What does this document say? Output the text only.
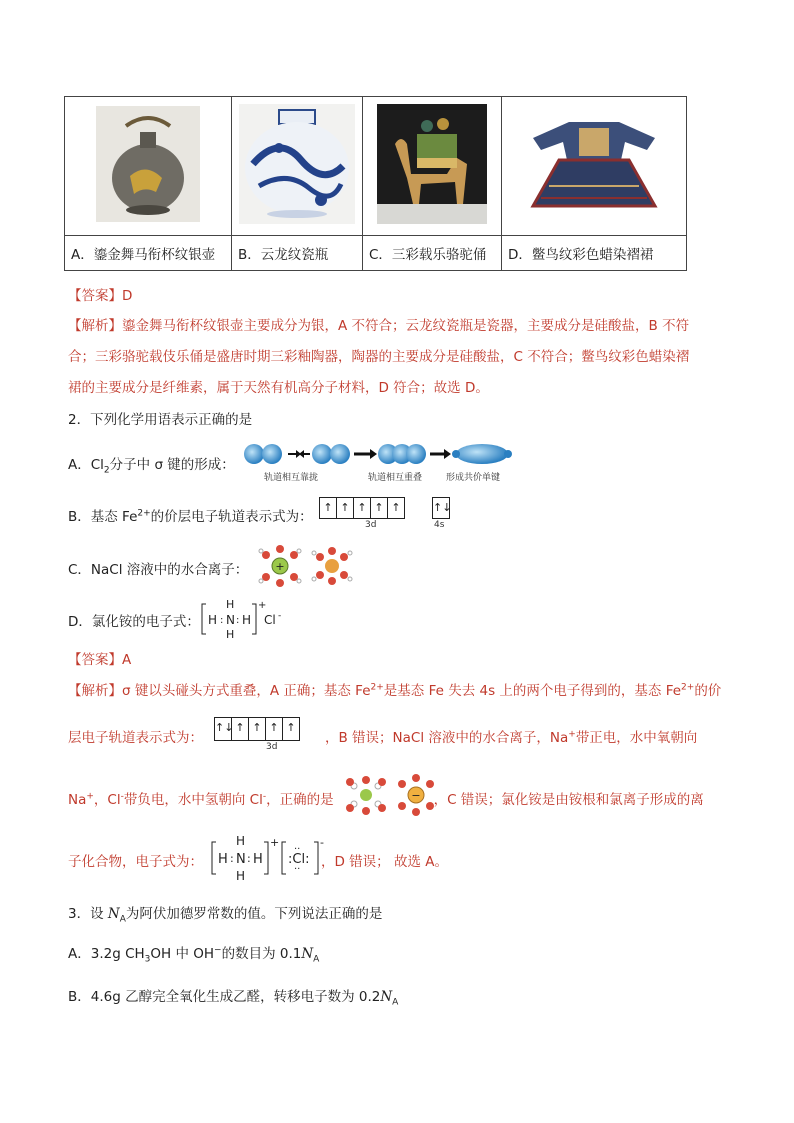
A．鎏金舞马衔杯纹银壶	B．云龙纹瓷瓶	C．三彩载乐骆驼俑	D．鳖鸟纹彩色蜡染褶裙
【答案】D
【解析】鎏金舞马衔杯纹银壶主要成分为银，A 不符合；云龙纹瓷瓶是瓷器，主要成分是硅酸盐，B 不符
合；三彩骆驼载伎乐俑是盛唐时期三彩釉陶器，陶器的主要成分是硅酸盐，C 不符合；鳖鸟纹彩色蜡染褶
裙的主要成分是纤维素，属于天然有机高分子材料，D 符合；故选 D。
2．下列化学用语表示正确的是
A．$Cl_2$分子中 σ 键的形成：
轨道相互靠拢	轨道相互重叠	形成共价单键
B．基态 $Fe^{2+}$的价层电子轨道表示式为：
↑ ↑ ↑ ↑ ↑	↑↓
3d	4s
C．NaCl 溶液中的水合离子： +
D．氯化铵的电子式： H : N
H
H
: H
+
Cl -
【答案】A
【解析】σ 键以头碰头方式重叠，A 正确；基态 $Fe^{2+}$是基态 Fe 失去 4s 上的两个电子得到的，基态 $Fe^{2+}$的价
层电子轨道表示式为：	，B 错误；NaCl 溶液中的水合离子，Na+带正电，水中氧朝向
↑↓ ↑ ↑ ↑ ↑
3d
Na+，Cl-带负电，水中氢朝向 Cl-，正确的是	，C 错误；氯化铵是由铵根和氯离子形成的离
−
子化合物，电子式为：	，D 错误； 故选 A。
H : N
H
H
: H
+
:Cl:
··
··
-
3．设 $N_A$为阿伏加德罗常数的值。下列说法正确的是
A．3.2g $CH_3OH$ 中 OH−的数目为 $0.1N_A$
B．4.6g 乙醇完全氧化生成乙醛，转移电子数为 $0.2N_A$
